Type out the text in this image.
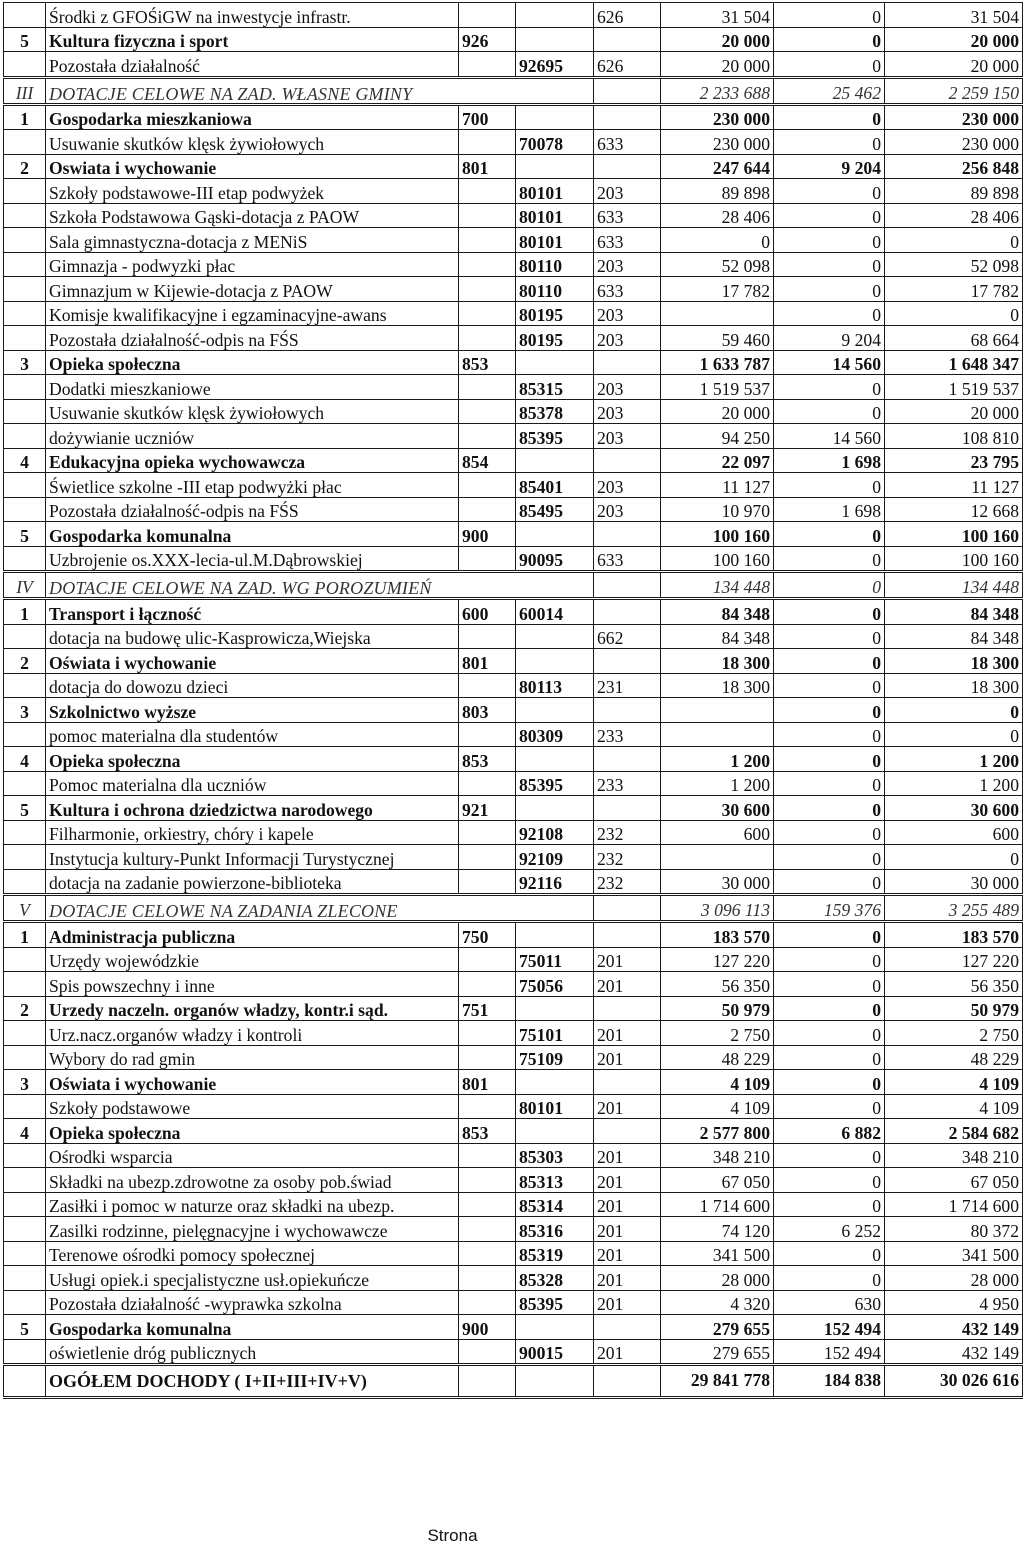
	Środki z GFOŚiGW na inwestycje infrastr.			626	31 504	0	31 504
5	Kultura fizyczna i sport	926			20 000	0	20 000
	Pozostała działalność		92695	626	20 000	0	20 000
III	DOTACJE CELOWE NA ZAD. WŁASNE GMINY				2 233 688	25 462	2 259 150
1	Gospodarka mieszkaniowa	700			230 000	0	230 000
	Usuwanie skutków klęsk żywiołowych		70078	633	230 000	0	230 000
2	Oswiata i wychowanie	801			247 644	9 204	256 848
	Szkoły podstawowe-III etap podwyżek		80101	203	89 898	0	89 898
	Szkoła Podstawowa Gąski-dotacja z PAOW		80101	633	28 406	0	28 406
	Sala gimnastyczna-dotacja z MENiS		80101	633	0	0	0
	Gimnazja - podwyzki płac		80110	203	52 098	0	52 098
	Gimnazjum w Kijewie-dotacja z PAOW		80110	633	17 782	0	17 782
	Komisje kwalifikacyjne i egzaminacyjne-awans		80195	203		0	0
	Pozostała działalność-odpis na FŚS		80195	203	59 460	9 204	68 664
3	Opieka społeczna	853			1 633 787	14 560	1 648 347
	Dodatki mieszkaniowe		85315	203	1 519 537	0	1 519 537
	Usuwanie skutków klęsk żywiołowych		85378	203	20 000	0	20 000
	dożywianie uczniów		85395	203	94 250	14 560	108 810
4	Edukacyjna opieka wychowawcza	854			22 097	1 698	23 795
	Świetlice szkolne -III etap podwyżki płac		85401	203	11 127	0	11 127
	Pozostała działalność-odpis na FŚS		85495	203	10 970	1 698	12 668
5	Gospodarka komunalna	900			100 160	0	100 160
	Uzbrojenie os.XXX-lecia-ul.M.Dąbrowskiej		90095	633	100 160	0	100 160
IV	DOTACJE CELOWE NA ZAD. WG POROZUMIEŃ				134 448	0	134 448
1	Transport i łączność	600	60014		84 348	0	84 348
	dotacja na budowę ulic-Kasprowicza,Wiejska			662	84 348	0	84 348
2	Oświata i wychowanie	801			18 300	0	18 300
	dotacja do dowozu dzieci		80113	231	18 300	0	18 300
3	Szkolnictwo wyższe	803				0	0
	pomoc materialna dla studentów		80309	233		0	0
4	Opieka społeczna	853			1 200	0	1 200
	Pomoc materialna dla uczniów		85395	233	1 200	0	1 200
5	Kultura i ochrona dziedzictwa narodowego	921			30 600	0	30 600
	Filharmonie, orkiestry, chóry i kapele		92108	232	600	0	600
	Instytucja kultury-Punkt Informacji Turystycznej		92109	232		0	0
	dotacja na zadanie powierzone-biblioteka		92116	232	30 000	0	30 000
V	DOTACJE CELOWE NA ZADANIA ZLECONE				3 096 113	159 376	3 255 489
1	Administracja publiczna	750			183 570	0	183 570
	Urzędy wojewódzkie		75011	201	127 220	0	127 220
	Spis powszechny i inne		75056	201	56 350	0	56 350
2	Urzedy naczeln. organów władzy, kontr.i sąd.	751			50 979	0	50 979
	Urz.nacz.organów władzy i kontroli		75101	201	2 750	0	2 750
	Wybory do rad gmin		75109	201	48 229	0	48 229
3	Oświata i wychowanie	801			4 109	0	4 109
	Szkoły podstawowe		80101	201	4 109	0	4 109
4	Opieka społeczna	853			2 577 800	6 882	2 584 682
	Ośrodki wsparcia		85303	201	348 210	0	348 210
	Składki na ubezp.zdrowotne za osoby pob.świad		85313	201	67 050	0	67 050
	Zasiłki i pomoc w naturze oraz składki na ubezp.		85314	201	1 714 600	0	1 714 600
	Zasilki rodzinne, pielęgnacyjne i wychowawcze		85316	201	74 120	6 252	80 372
	Terenowe ośrodki pomocy społecznej		85319	201	341 500	0	341 500
	Usługi opiek.i specjalistyczne usł.opiekuńcze		85328	201	28 000	0	28 000
	Pozostała działalność -wyprawka szkolna		85395	201	4 320	630	4 950
5	Gospodarka komunalna	900			279 655	152 494	432 149
	oświetlenie dróg publicznych		90015	201	279 655	152 494	432 149
	OGÓŁEM DOCHODY ( I+II+III+IV+V)				29 841 778	184 838	30 026 616
Strona
